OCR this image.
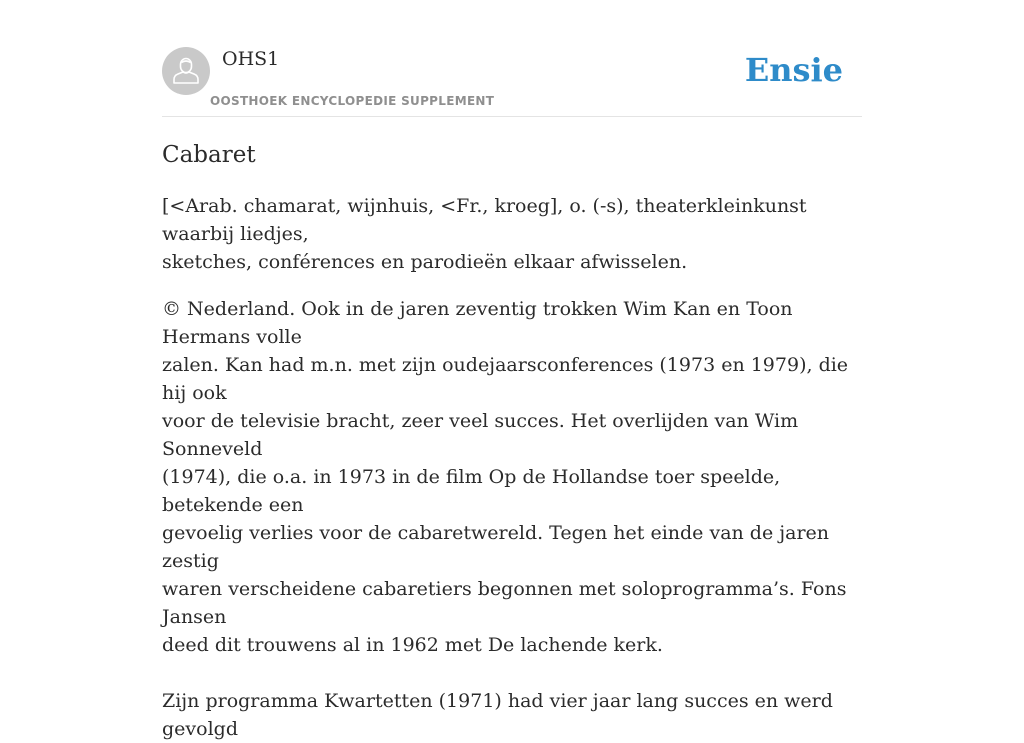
OHS1
OOSTHOEK ENCYCLOPEDIE SUPPLEMENT
Ensie
Cabaret

[<Arab. chamarat, wijnhuis, <Fr., kroeg], o. (-s), theaterkleinkunst waarbij liedjes,
sketches, conférences en parodieën elkaar afwisselen.

© Nederland. Ook in de jaren zeventig trokken Wim Kan en Toon Hermans volle
zalen. Kan had m.n. met zijn oudejaarsconferences (1973 en 1979), die hij ook
voor de televisie bracht, zeer veel succes. Het overlijden van Wim Sonneveld
(1974), die o.a. in 1973 in de film Op de Hollandse toer speelde, betekende een
gevoelig verlies voor de cabaretwereld. Tegen het einde van de jaren zestig
waren verscheidene cabaretiers begonnen met soloprogramma’s. Fons Jansen
deed dit trouwens al in 1962 met De lachende kerk.

Zijn programma Kwartetten (1971) had vier jaar lang succes en werd gevolgd
